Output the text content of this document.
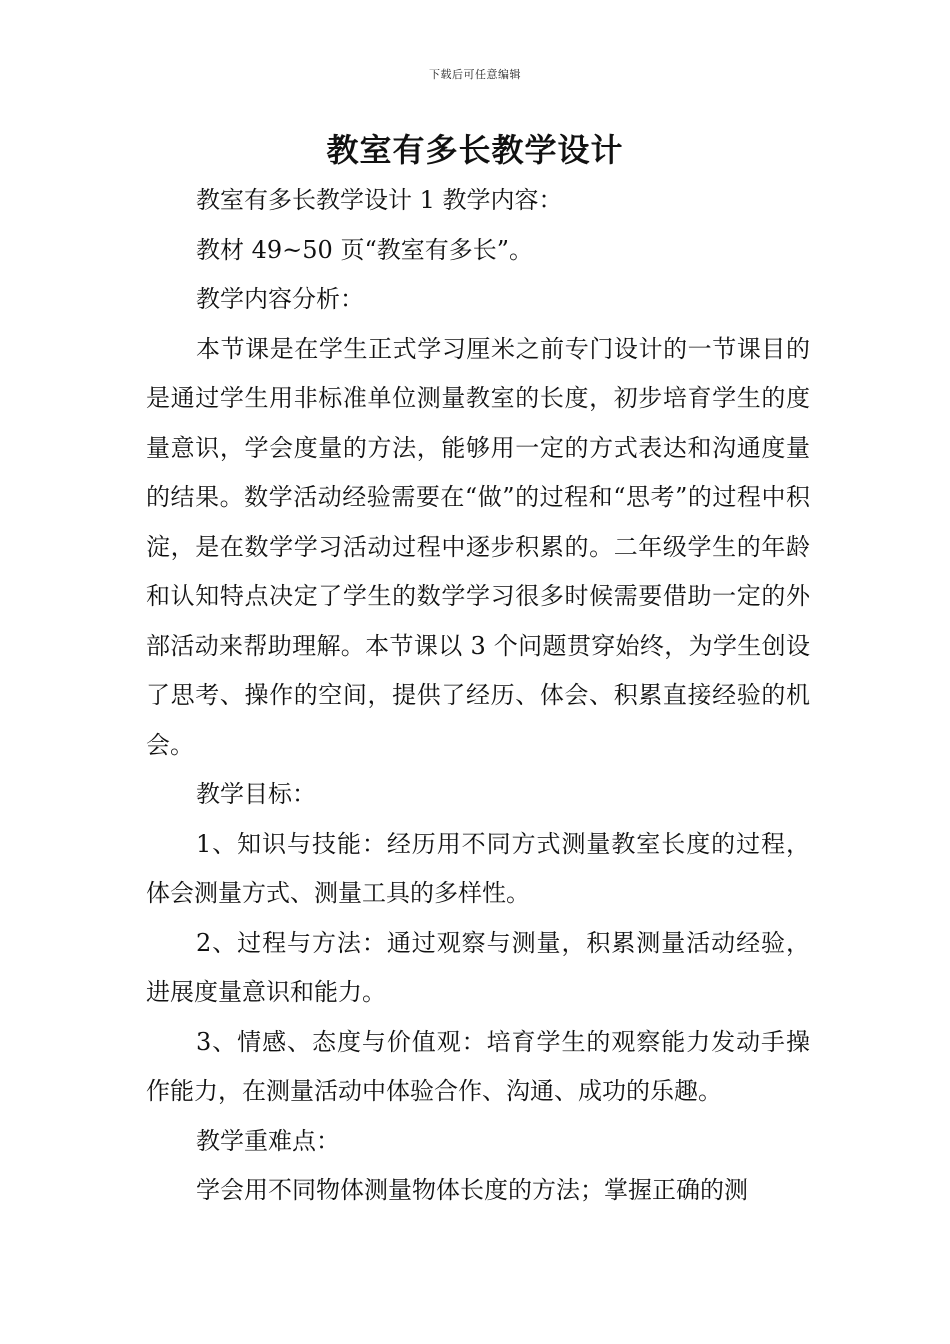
下载后可任意编辑
教室有多长教学设计

教室有多长教学设计 1 教学内容：

教材 49~50 页“教室有多长”。

教学内容分析：

本节课是在学生正式学习厘米之前专门设计的一节课目的是通过学生用非标准单位测量教室的长度，初步培育学生的度量意识，学会度量的方法，能够用一定的方式表达和沟通度量的结果。数学活动经验需要在“做”的过程和“思考”的过程中积淀，是在数学学习活动过程中逐步积累的。二年级学生的年龄和认知特点决定了学生的数学学习很多时候需要借助一定的外部活动来帮助理解。本节课以 3 个问题贯穿始终，为学生创设了思考、操作的空间，提供了经历、体会、积累直接经验的机会。

教学目标：

1、知识与技能：经历用不同方式测量教室长度的过程，体会测量方式、测量工具的多样性。

2、过程与方法：通过观察与测量，积累测量活动经验，进展度量意识和能力。

3、情感、态度与价值观：培育学生的观察能力发动手操作能力，在测量活动中体验合作、沟通、成功的乐趣。

教学重难点：

学会用不同物体测量物体长度的方法；掌握正确的测
